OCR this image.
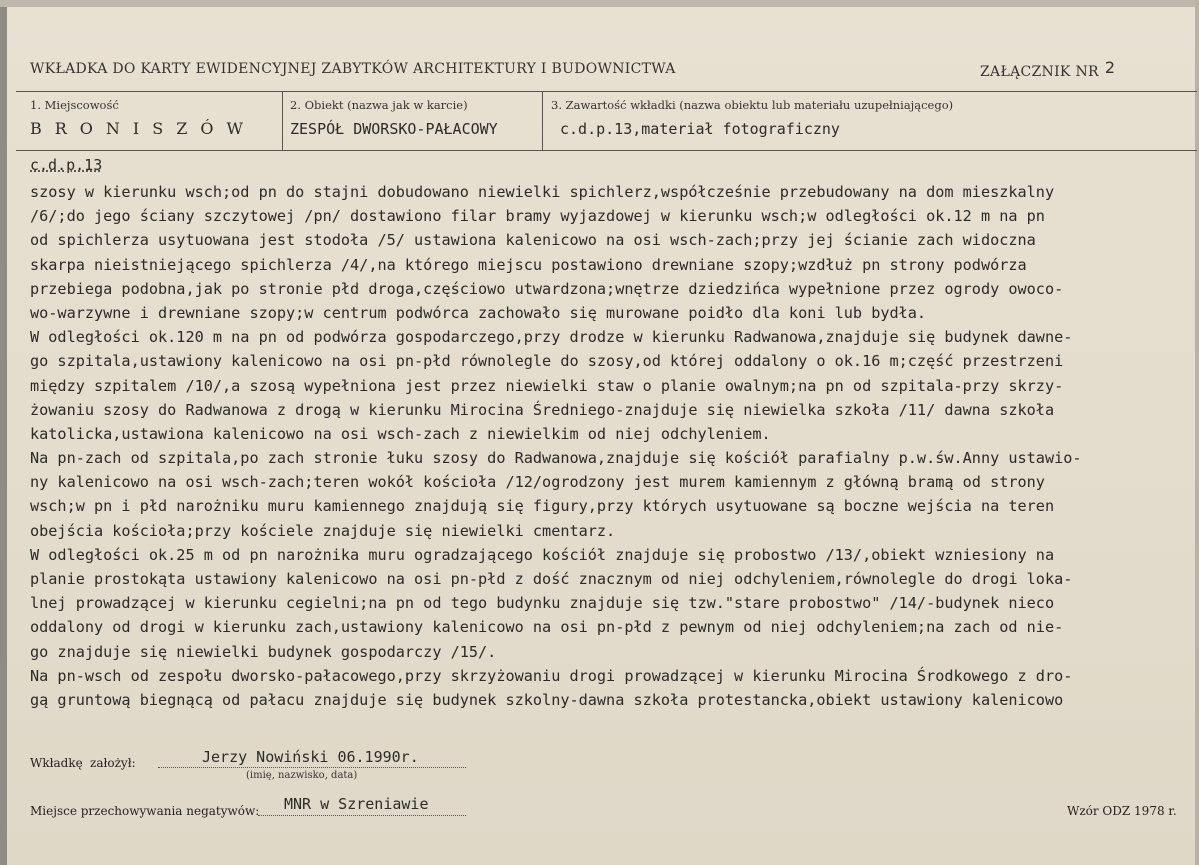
WKŁADKA DO KARTY EWIDENCYJNEJ ZABYTKÓW ARCHITEKTURY I BUDOWNICTWA	ZAŁĄCZNIK NR 2
1. Miejscowość
BRONISZÓW
2. Obiekt (nazwa jak w karcie)
ZESPÓŁ DWORSKO-PAŁACOWY
3. Zawartość wkładki (nazwa obiektu lub materiału uzupełniającego)
c.d.p.13,materiał fotograficzny
c.d.p.13
szosy w kierunku wsch;od pn do stajni dobudowano niewielki spichlerz,współcześnie przebudowany na dom mieszkalny
/6/;do jego ściany szczytowej /pn/ dostawiono filar bramy wyjazdowej w kierunku wsch;w odległości ok.12 m na pn
od spichlerza usytuowana jest stodoła /5/ ustawiona kalenicowo na osi wsch-zach;przy jej ścianie zach widoczna
skarpa nieistniejącego spichlerza /4/,na którego miejscu postawiono drewniane szopy;wzdłuż pn strony podwórza
przebiega podobna,jak po stronie płd droga,częściowo utwardzona;wnętrze dziedzińca wypełnione przez ogrody owoco-
wo-warzywne i drewniane szopy;w centrum podwórca zachowało się murowane poidło dla koni lub bydła.
W odległości ok.120 m na pn od podwórza gospodarczego,przy drodze w kierunku Radwanowa,znajduje się budynek dawne-
go szpitala,ustawiony kalenicowo na osi pn-płd równolegle do szosy,od której oddalony o ok.16 m;część przestrzeni
między szpitalem /10/,a szosą wypełniona jest przez niewielki staw o planie owalnym;na pn od szpitala-przy skrzy-
żowaniu szosy do Radwanowa z drogą w kierunku Mirocina Średniego-znajduje się niewielka szkoła /11/ dawna szkoła
katolicka,ustawiona kalenicowo na osi wsch-zach z niewielkim od niej odchyleniem.
Na pn-zach od szpitala,po zach stronie łuku szosy do Radwanowa,znajduje się kościół parafialny p.w.św.Anny ustawio-
ny kalenicowo na osi wsch-zach;teren wokół kościoła /12/ogrodzony jest murem kamiennym z główną bramą od strony
wsch;w pn i płd narożniku muru kamiennego znajdują się figury,przy których usytuowane są boczne wejścia na teren
obejścia kościoła;przy kościele znajduje się niewielki cmentarz.
W odległości ok.25 m od pn narożnika muru ogradzającego kościół znajduje się probostwo /13/,obiekt wzniesiony na
planie prostokąta ustawiony kalenicowo na osi pn-płd z dość znacznym od niej odchyleniem,równolegle do drogi loka-
lnej prowadzącej w kierunku cegielni;na pn od tego budynku znajduje się tzw."stare probostwo" /14/-budynek nieco
oddalony od drogi w kierunku zach,ustawiony kalenicowo na osi pn-płd z pewnym od niej odchyleniem;na zach od nie-
go znajduje się niewielki budynek gospodarczy /15/.
Na pn-wsch od zespołu dworsko-pałacowego,przy skrzyżowaniu drogi prowadzącej w kierunku Mirocina Środkowego z dro-
gą gruntową biegnącą od pałacu znajduje się budynek szkolny-dawna szkoła protestancka,obiekt ustawiony kalenicowo
Wkładkę założył:	Jerzy Nowiński 06.1990r.
(imię, nazwisko, data)
Miejsce przechowywania negatywów: MNR w Szreniawie	Wzór ODZ 1978 r.
